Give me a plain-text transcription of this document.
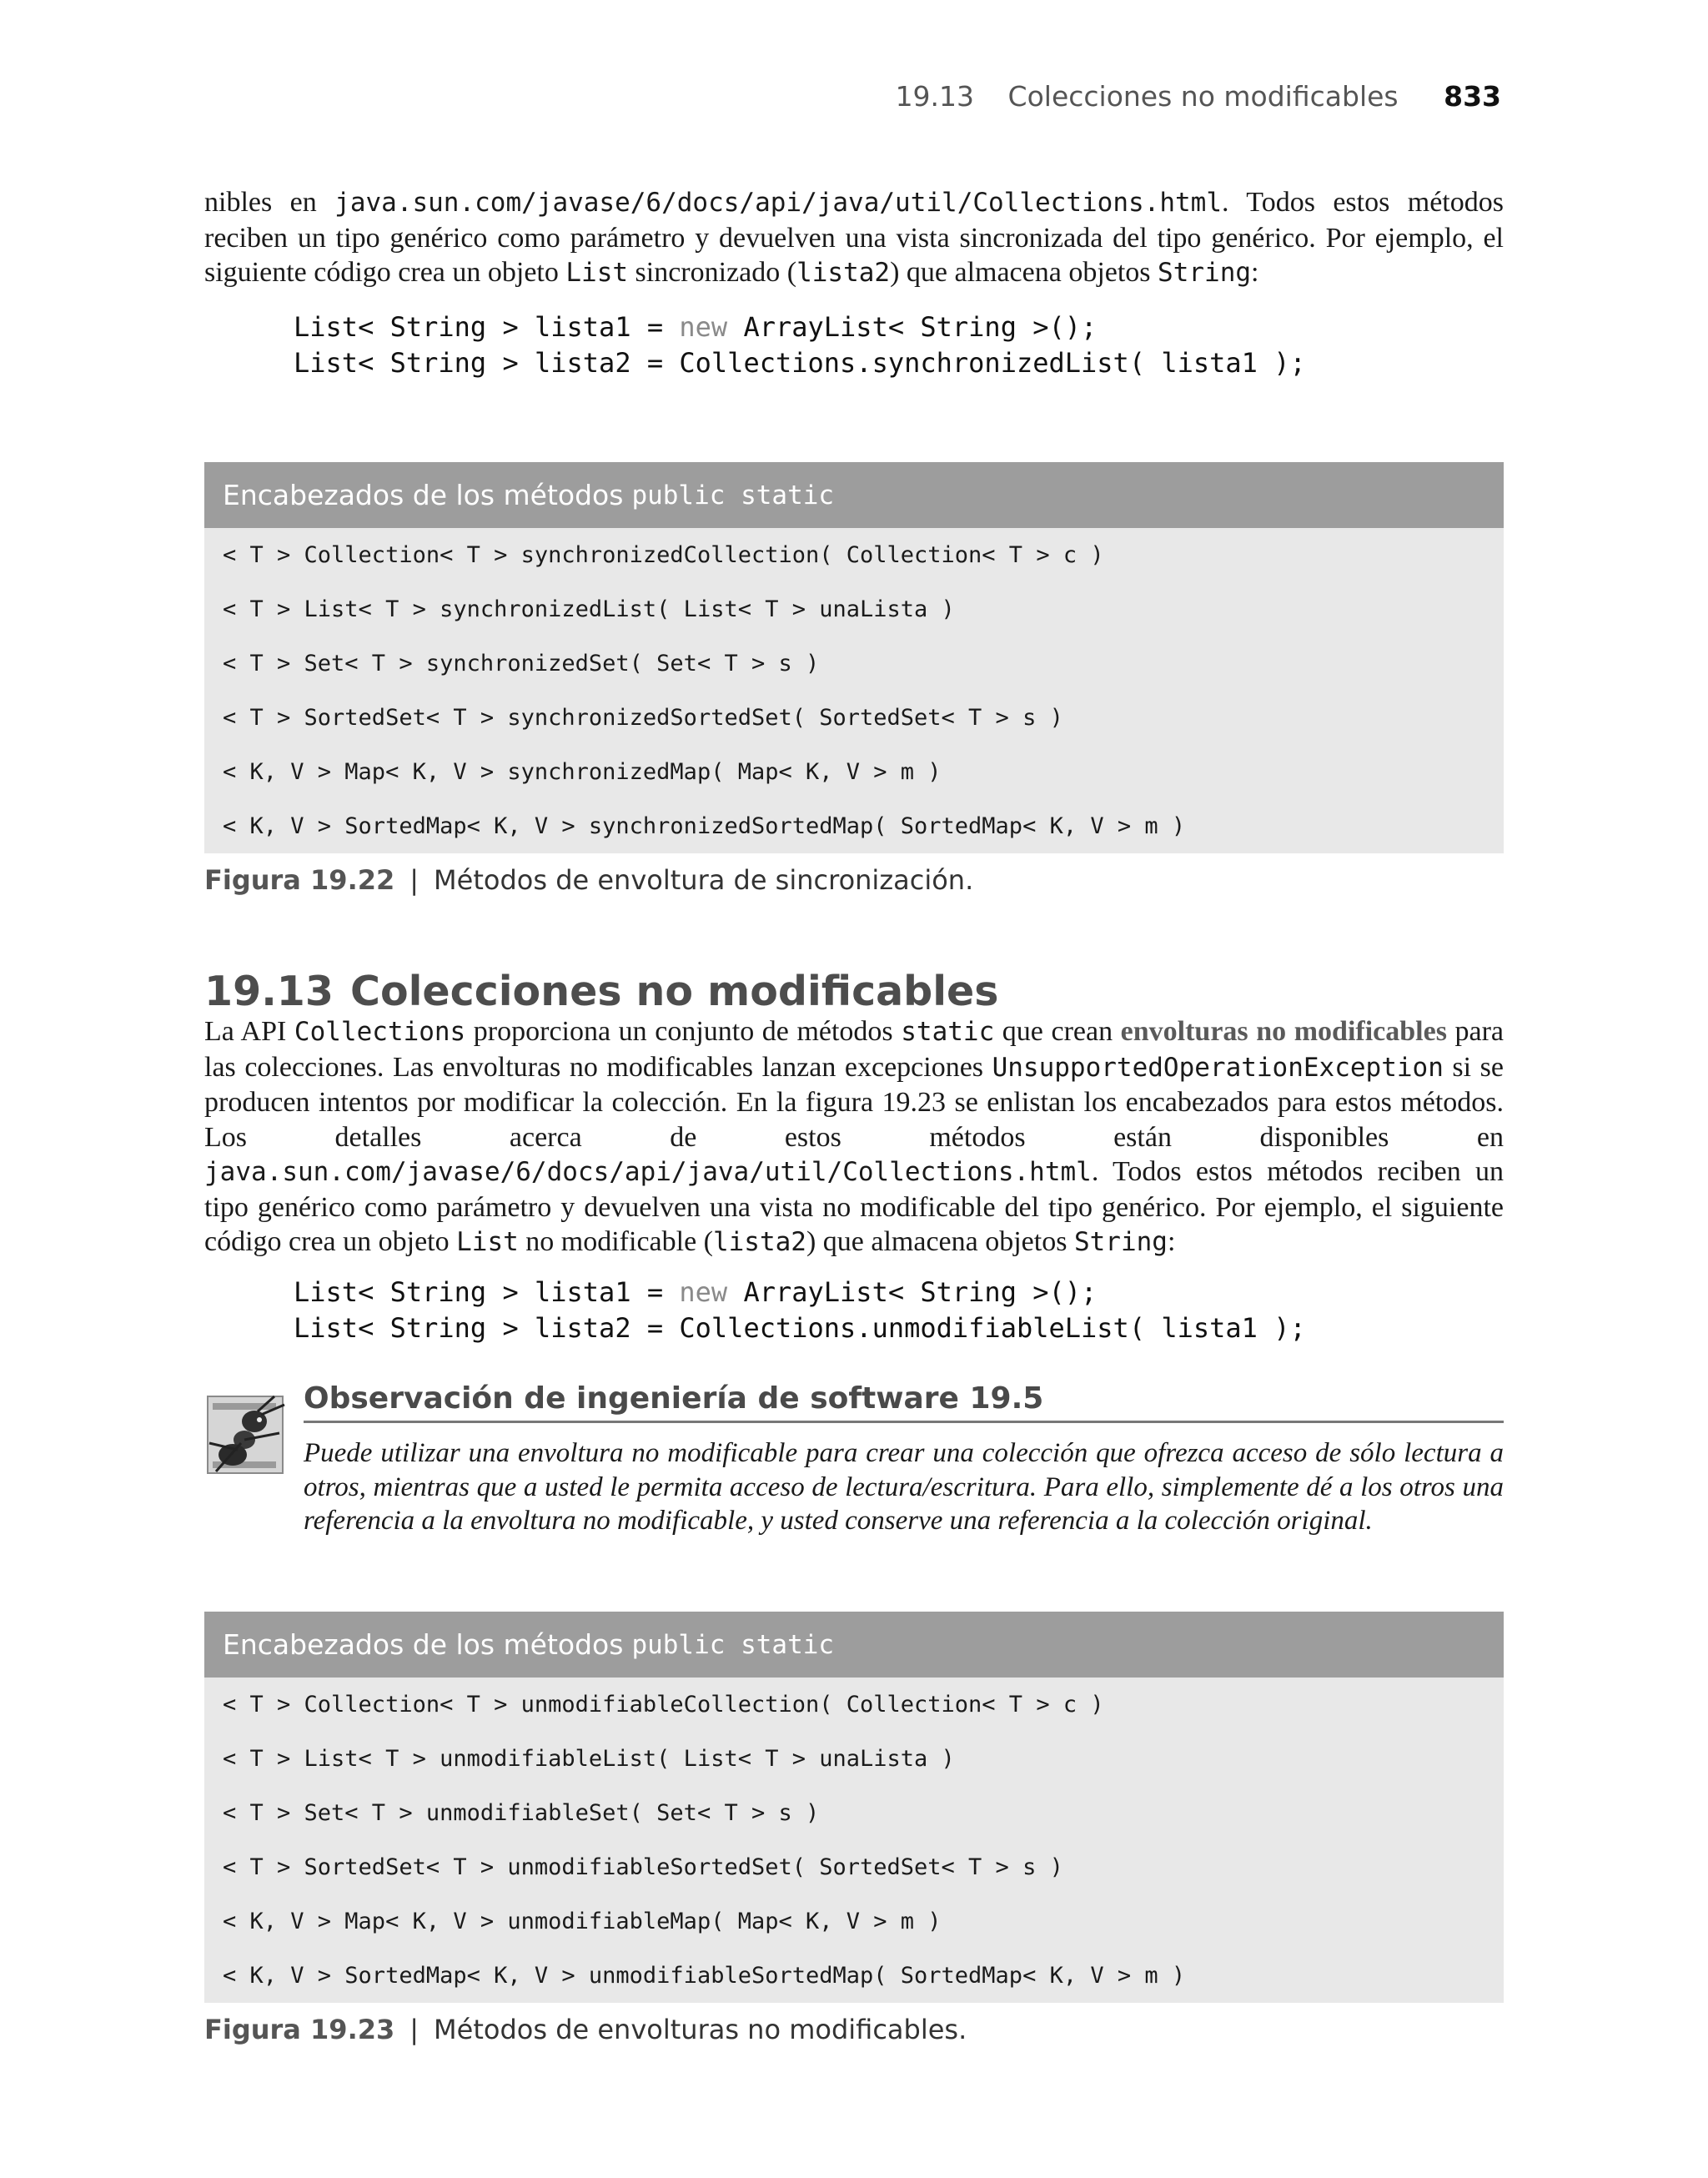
19.13 Colecciones no modificables 833
nibles en java.sun.com/javase/6/docs/api/java/util/Collections.html. Todos estos métodos reciben un tipo genérico como parámetro y devuelven una vista sincronizada del tipo genérico. Por ejemplo, el siguiente código crea un objeto List sincronizado (lista2) que almacena objetos String:
List< String > lista1 = new ArrayList< String >();
List< String > lista2 = Collections.synchronizedList( lista1 );
Encabezados de los métodos public static
< T > Collection< T > synchronizedCollection( Collection< T > c )
< T > List< T > synchronizedList( List< T > unaLista )
< T > Set< T > synchronizedSet( Set< T > s )
< T > SortedSet< T > synchronizedSortedSet( SortedSet< T > s )
< K, V > Map< K, V > synchronizedMap( Map< K, V > m )
< K, V > SortedMap< K, V > synchronizedSortedMap( SortedMap< K, V > m )
Figura 19.22 | Métodos de envoltura de sincronización.
19.13 Colecciones no modificables
La API Collections proporciona un conjunto de métodos static que crean envolturas no modificables para las colecciones. Las envolturas no modificables lanzan excepciones UnsupportedOperationException si se producen intentos por modificar la colección. En la figura 19.23 se enlistan los encabezados para estos métodos. Los detalles acerca de estos métodos están disponibles en java.sun.com/javase/6/docs/api/java/util/Collections.html. Todos estos métodos reciben un tipo genérico como parámetro y devuelven una vista no modificable del tipo genérico. Por ejemplo, el siguiente código crea un objeto List no modificable (lista2) que almacena objetos String:
List< String > lista1 = new ArrayList< String >();
List< String > lista2 = Collections.unmodifiableList( lista1 );
Observación de ingeniería de software 19.5
Puede utilizar una envoltura no modificable para crear una colección que ofrezca acceso de sólo lectura a otros, mientras que a usted le permita acceso de lectura/escritura. Para ello, simplemente dé a los otros una referencia a la envoltura no modificable, y usted conserve una referencia a la colección original.
Encabezados de los métodos public static
< T > Collection< T > unmodifiableCollection( Collection< T > c )
< T > List< T > unmodifiableList( List< T > unaLista )
< T > Set< T > unmodifiableSet( Set< T > s )
< T > SortedSet< T > unmodifiableSortedSet( SortedSet< T > s )
< K, V > Map< K, V > unmodifiableMap( Map< K, V > m )
< K, V > SortedMap< K, V > unmodifiableSortedMap( SortedMap< K, V > m )
Figura 19.23 | Métodos de envolturas no modificables.
